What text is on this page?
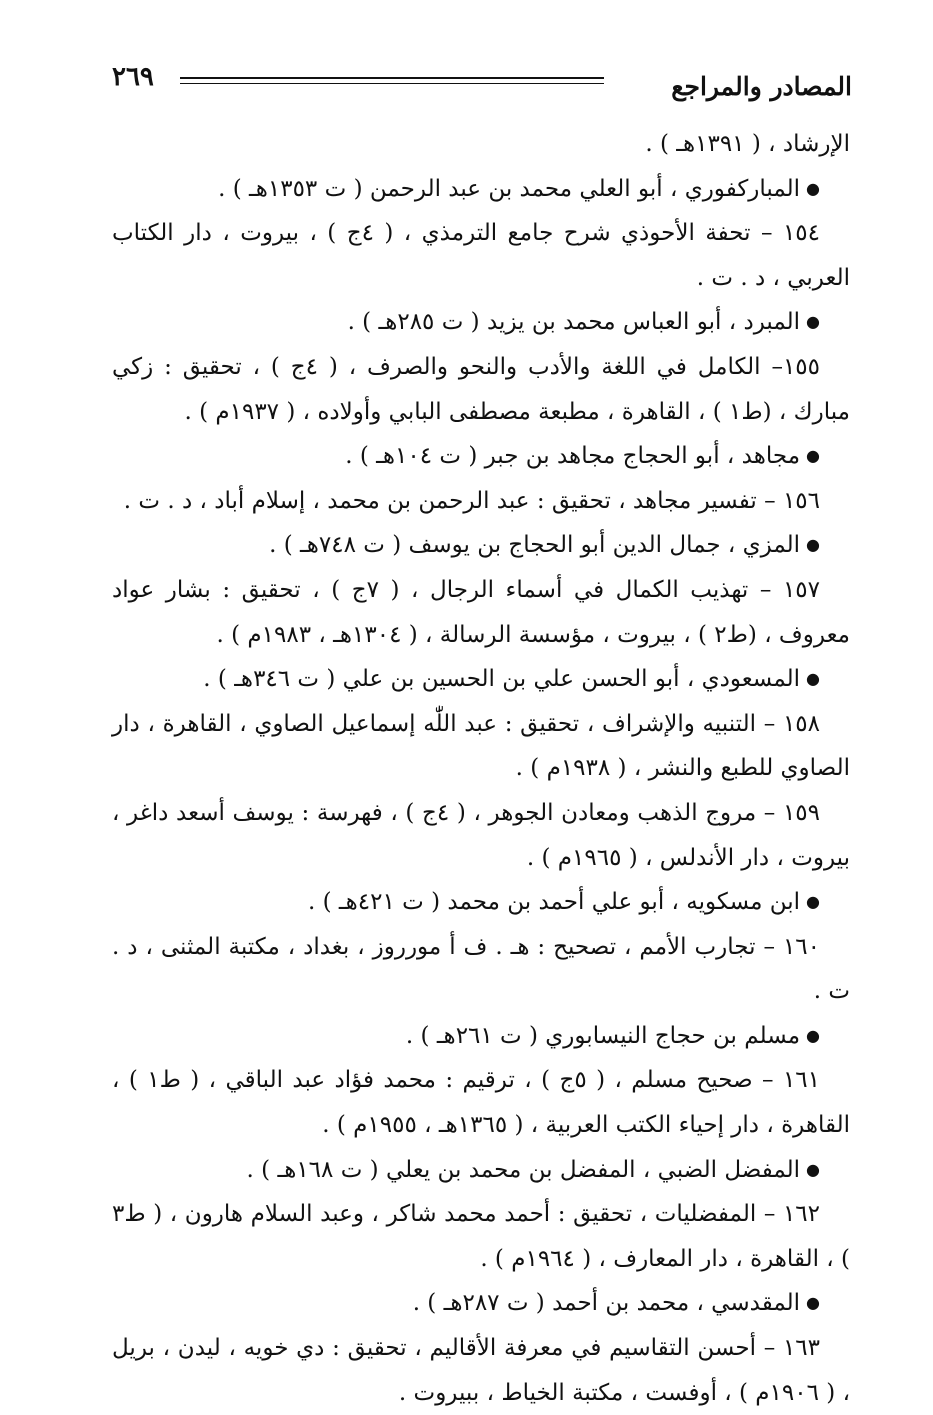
المصادر والمراجع
٢٦٩

الإرشاد ، ( ١٣٩١هـ ) .

●المباركفوري ، أبو العلي محمد بن عبد الرحمن ( ت ١٣٥٣هـ ) .

١٥٤ – تحفة الأحوذي شرح جامع الترمذي ، ( ٤ج ) ، بيروت ، دار الكتاب العربي ، د . ت .

●المبرد ، أبو العباس محمد بن يزيد ( ت ٢٨٥هـ ) .

١٥٥– الكامل في اللغة والأدب والنحو والصرف ، ( ٤ج ) ، تحقيق : زكي مبارك ، (ط١ ) ، القاهرة ، مطبعة مصطفى البابي وأولاده ، ( ١٩٣٧م ) .

●مجاهد ، أبو الحجاج مجاهد بن جبر ( ت ١٠٤هـ ) .

١٥٦ – تفسير مجاهد ، تحقيق : عبد الرحمن بن محمد ، إسلام أباد ، د . ت .

●المزي ، جمال الدين أبو الحجاج بن يوسف ( ت ٧٤٨هـ ) .

١٥٧ – تهذيب الكمال في أسماء الرجال ، ( ٧ج ) ، تحقيق : بشار عواد معروف ، (ط٢ ) ، بيروت ، مؤسسة الرسالة ، ( ١٣٠٤هـ ، ١٩٨٣م ) .

●المسعودي ، أبو الحسن علي بن الحسين بن علي ( ت ٣٤٦هـ ) .

١٥٨ – التنبيه والإشراف ، تحقيق : عبد اللّٰه إسماعيل الصاوي ، القاهرة ، دار الصاوي للطبع والنشر ، ( ١٩٣٨م ) .

١٥٩ – مروج الذهب ومعادن الجوهر ، ( ٤ج ) ، فهرسة : يوسف أسعد داغر ، بيروت ، دار الأندلس ، ( ١٩٦٥م ) .

●ابن مسكويه ، أبو علي أحمد بن محمد ( ت ٤٢١هـ ) .

١٦٠ – تجارب الأمم ، تصحيح : هـ . ف أ مورروز ، بغداد ، مكتبة المثنى ، د . ت .

●مسلم بن حجاج النيسابوري ( ت ٢٦١هـ ) .

١٦١ – صحيح مسلم ، ( ٥ج ) ، ترقيم : محمد فؤاد عبد الباقي ، ( ط١ ) ، القاهرة ، دار إحياء الكتب العربية ، ( ١٣٦٥هـ ، ١٩٥٥م ) .

●المفضل الضبي ، المفضل بن محمد بن يعلي ( ت ١٦٨هـ ) .

١٦٢ – المفضليات ، تحقيق : أحمد محمد شاكر ، وعبد السلام هارون ، ( ط٣ ) ، القاهرة ، دار المعارف ، ( ١٩٦٤م ) .

●المقدسي ، محمد بن أحمد ( ت ٢٨٧هـ ) .

١٦٣ – أحسن التقاسيم في معرفة الأقاليم ، تحقيق : دي خويه ، ليدن ، بريل ، ( ١٩٠٦م ) ، أوفست ، مكتبة الخياط ، ببيروت .
